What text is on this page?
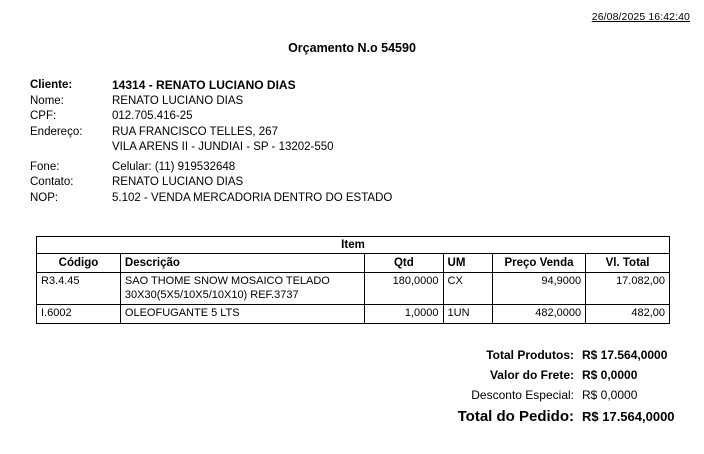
26/08/2025 16:42:40
Orçamento N.o 54590
Cliente:	14314 - RENATO LUCIANO DIAS
Nome:	RENATO LUCIANO DIAS
CPF:	012.705.416-25
Endereço:	RUA FRANCISCO TELLES, 267
VILA ARENS II - JUNDIAI - SP - 13202-550
Fone:	Celular: (11) 919532648
Contato:	RENATO LUCIANO DIAS
NOP:	5.102 - VENDA MERCADORIA DENTRO DO ESTADO
Item					
Código	Descrição	Qtd	UM	Preço Venda	Vl. Total
R3.4.45	SAO THOME SNOW MOSAICO TELADO 30X30(5X5/10X5/10X10) REF.3737	180,0000	CX	94,9000	17.082,00
I.6002	OLEOFUGANTE 5 LTS	1,0000	1UN	482,0000	482,00
Total Produtos: R$ 17.564,0000
Valor do Frete: R$ 0,0000
Desconto Especial: R$ 0,0000
Total do Pedido: R$ 17.564,0000
